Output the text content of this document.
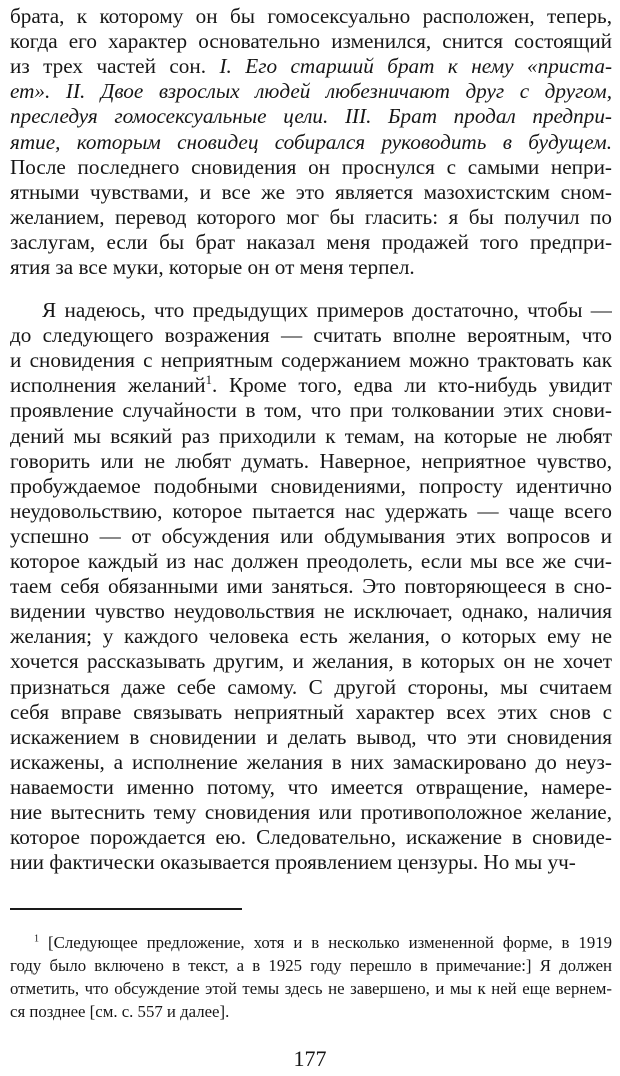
брата, к которому он бы гомосексуально расположен, теперь,
когда его характер основательно изменился, снится состоящий
из трех частей сон. I. Его старший брат к нему «приста-
ет». II. Двое взрослых людей любезничают друг с другом,
преследуя гомосексуальные цели. III. Брат продал предпри-
ятие, которым сновидец собирался руководить в будущем.
После последнего сновидения он проснулся с самыми непри-
ятными чувствами, и все же это является мазохистским сном-
желанием, перевод которого мог бы гласить: я бы получил по
заслугам, если бы брат наказал меня продажей того предпри-
ятия за все муки, которые он от меня терпел.
Я надеюсь, что предыдущих примеров достаточно, чтобы —
до следующего возражения — считать вполне вероятным, что
и сновидения с неприятным содержанием можно трактовать как
исполнения желаний$^1$. Кроме того, едва ли кто-нибудь увидит
проявление случайности в том, что при толковании этих снови-
дений мы всякий раз приходили к темам, на которые не любят
говорить или не любят думать. Наверное, неприятное чувство,
пробуждаемое подобными сновидениями, попросту идентично
неудовольствию, которое пытается нас удержать — чаще всего
успешно — от обсуждения или обдумывания этих вопросов и
которое каждый из нас должен преодолеть, если мы все же счи-
таем себя обязанными ими заняться. Это повторяющееся в сно-
видении чувство неудовольствия не исключает, однако, наличия
желания; у каждого человека есть желания, о которых ему не
хочется рассказывать другим, и желания, в которых он не хочет
признаться даже себе самому. С другой стороны, мы считаем
себя вправе связывать неприятный характер всех этих снов с
искажением в сновидении и делать вывод, что эти сновидения
искажены, а исполнение желания в них замаскировано до неуз-
наваемости именно потому, что имеется отвращение, намере-
ние вытеснить тему сновидения или противоположное желание,
которое порождается ею. Следовательно, искажение в сновиде-
нии фактически оказывается проявлением цензуры. Но мы уч-
$^1$ [Следующее предложение, хотя и в несколько измененной форме, в 1919
году было включено в текст, а в 1925 году перешло в примечание:] Я должен
отметить, что обсуждение этой темы здесь не завершено, и мы к ней еще вернем-
ся позднее [см. с. 557 и далее].
177
